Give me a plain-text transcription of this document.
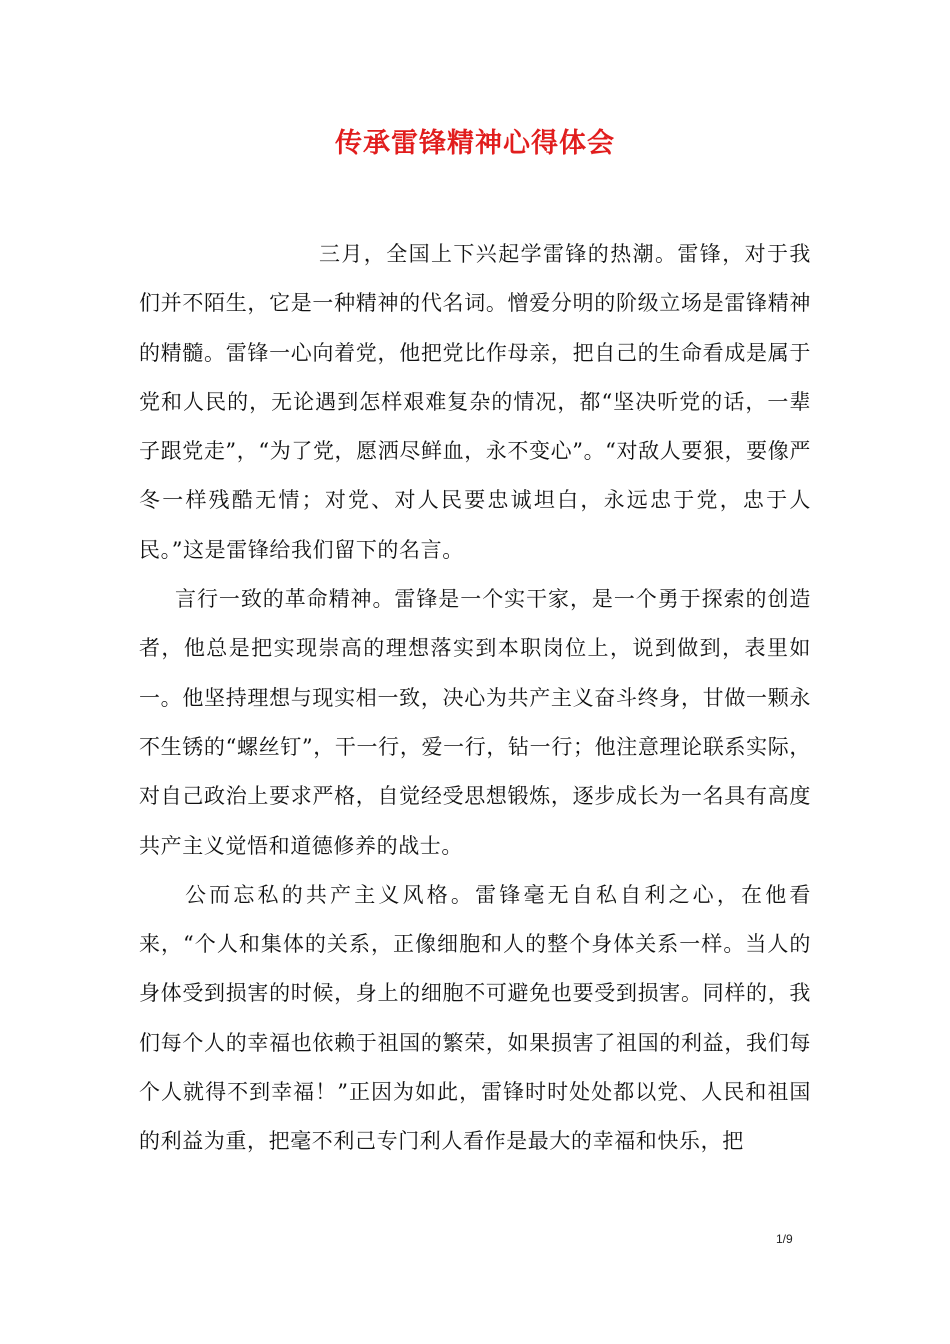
传承雷锋精神心得体会

三月，全国上下兴起学雷锋的热潮。雷锋，对于我们并不陌生，它是一种精神的代名词。憎爱分明的阶级立场是雷锋精神的精髓。雷锋一心向着党，他把党比作母亲，把自己的生命看成是属于党和人民的，无论遇到怎样艰难复杂的情况，都“坚决听党的话，一辈子跟党走”，“为了党，愿洒尽鲜血，永不变心”。“对敌人要狠，要像严冬一样残酷无情；对党、对人民要忠诚坦白，永远忠于党，忠于人民。”这是雷锋给我们留下的名言。

言行一致的革命精神。雷锋是一个实干家，是一个勇于探索的创造者，他总是把实现崇高的理想落实到本职岗位上，说到做到，表里如一。他坚持理想与现实相一致，决心为共产主义奋斗终身，甘做一颗永不生锈的“螺丝钉”，干一行，爱一行，钻一行；他注意理论联系实际，对自己政治上要求严格，自觉经受思想锻炼，逐步成长为一名具有高度共产主义觉悟和道德修养的战士。

公而忘私的共产主义风格。雷锋毫无自私自利之心，在他看来，“个人和集体的关系，正像细胞和人的整个身体关系一样。当人的身体受到损害的时候，身上的细胞不可避免也要受到损害。同样的，我们每个人的幸福也依赖于祖国的繁荣，如果损害了祖国的利益，我们每个人就得不到幸福！”正因为如此，雷锋时时处处都以党、人民和祖国的利益为重，把毫不利己专门利人看作是最大的幸福和快乐，把

1/9
